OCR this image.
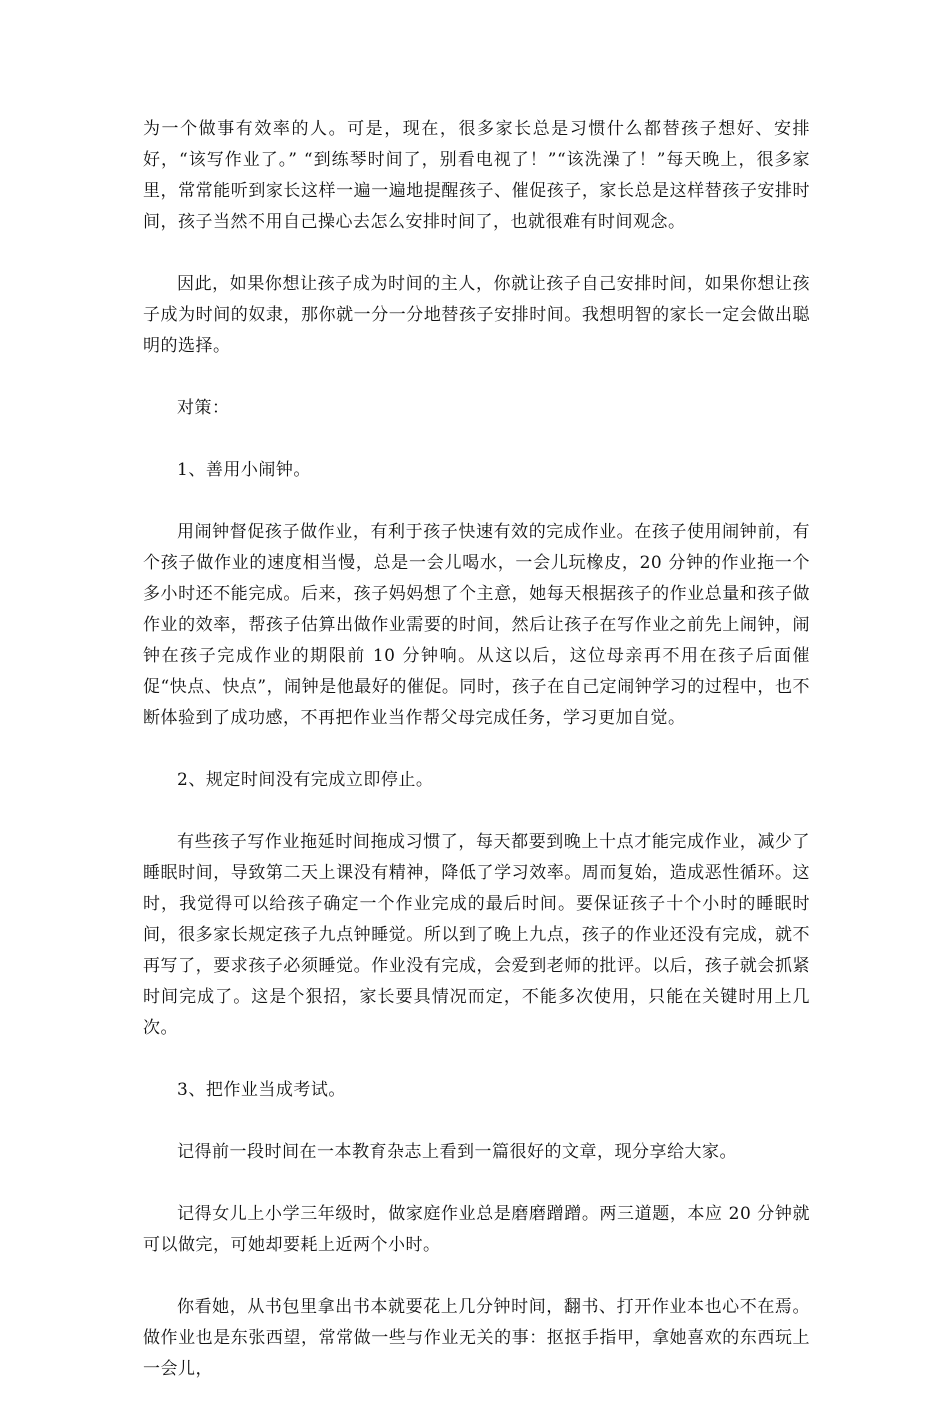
为一个做事有效率的人。可是，现在，很多家长总是习惯什么都替孩子想好、安排好，“该写作业了。” “到练琴时间了，别看电视了！”“该洗澡了！”每天晚上，很多家里，常常能听到家长这样一遍一遍地提醒孩子、催促孩子，家长总是这样替孩子安排时间，孩子当然不用自己操心去怎么安排时间了，也就很难有时间观念。

因此，如果你想让孩子成为时间的主人，你就让孩子自己安排时间，如果你想让孩子成为时间的奴隶，那你就一分一分地替孩子安排时间。我想明智的家长一定会做出聪明的选择。

对策：

1、善用小闹钟。

用闹钟督促孩子做作业，有利于孩子快速有效的完成作业。在孩子使用闹钟前，有个孩子做作业的速度相当慢，总是一会儿喝水，一会儿玩橡皮，20 分钟的作业拖一个多小时还不能完成。后来，孩子妈妈想了个主意，她每天根据孩子的作业总量和孩子做作业的效率，帮孩子估算出做作业需要的时间，然后让孩子在写作业之前先上闹钟，闹钟在孩子完成作业的期限前 10 分钟响。从这以后，这位母亲再不用在孩子后面催促“快点、快点”，闹钟是他最好的催促。同时，孩子在自己定闹钟学习的过程中，也不断体验到了成功感，不再把作业当作帮父母完成任务，学习更加自觉。

2、规定时间没有完成立即停止。

有些孩子写作业拖延时间拖成习惯了，每天都要到晚上十点才能完成作业，减少了睡眠时间，导致第二天上课没有精神，降低了学习效率。周而复始，造成恶性循环。这时，我觉得可以给孩子确定一个作业完成的最后时间。要保证孩子十个小时的睡眠时间，很多家长规定孩子九点钟睡觉。所以到了晚上九点，孩子的作业还没有完成，就不再写了，要求孩子必须睡觉。作业没有完成，会爱到老师的批评。以后，孩子就会抓紧时间完成了。这是个狠招，家长要具情况而定，不能多次使用，只能在关键时用上几次。

3、把作业当成考试。

记得前一段时间在一本教育杂志上看到一篇很好的文章，现分享给大家。

记得女儿上小学三年级时，做家庭作业总是磨磨蹭蹭。两三道题，本应 20 分钟就可以做完，可她却要耗上近两个小时。

你看她，从书包里拿出书本就要花上几分钟时间，翻书、打开作业本也心不在焉。做作业也是东张西望，常常做一些与作业无关的事：抠抠手指甲，拿她喜欢的东西玩上一会儿，
